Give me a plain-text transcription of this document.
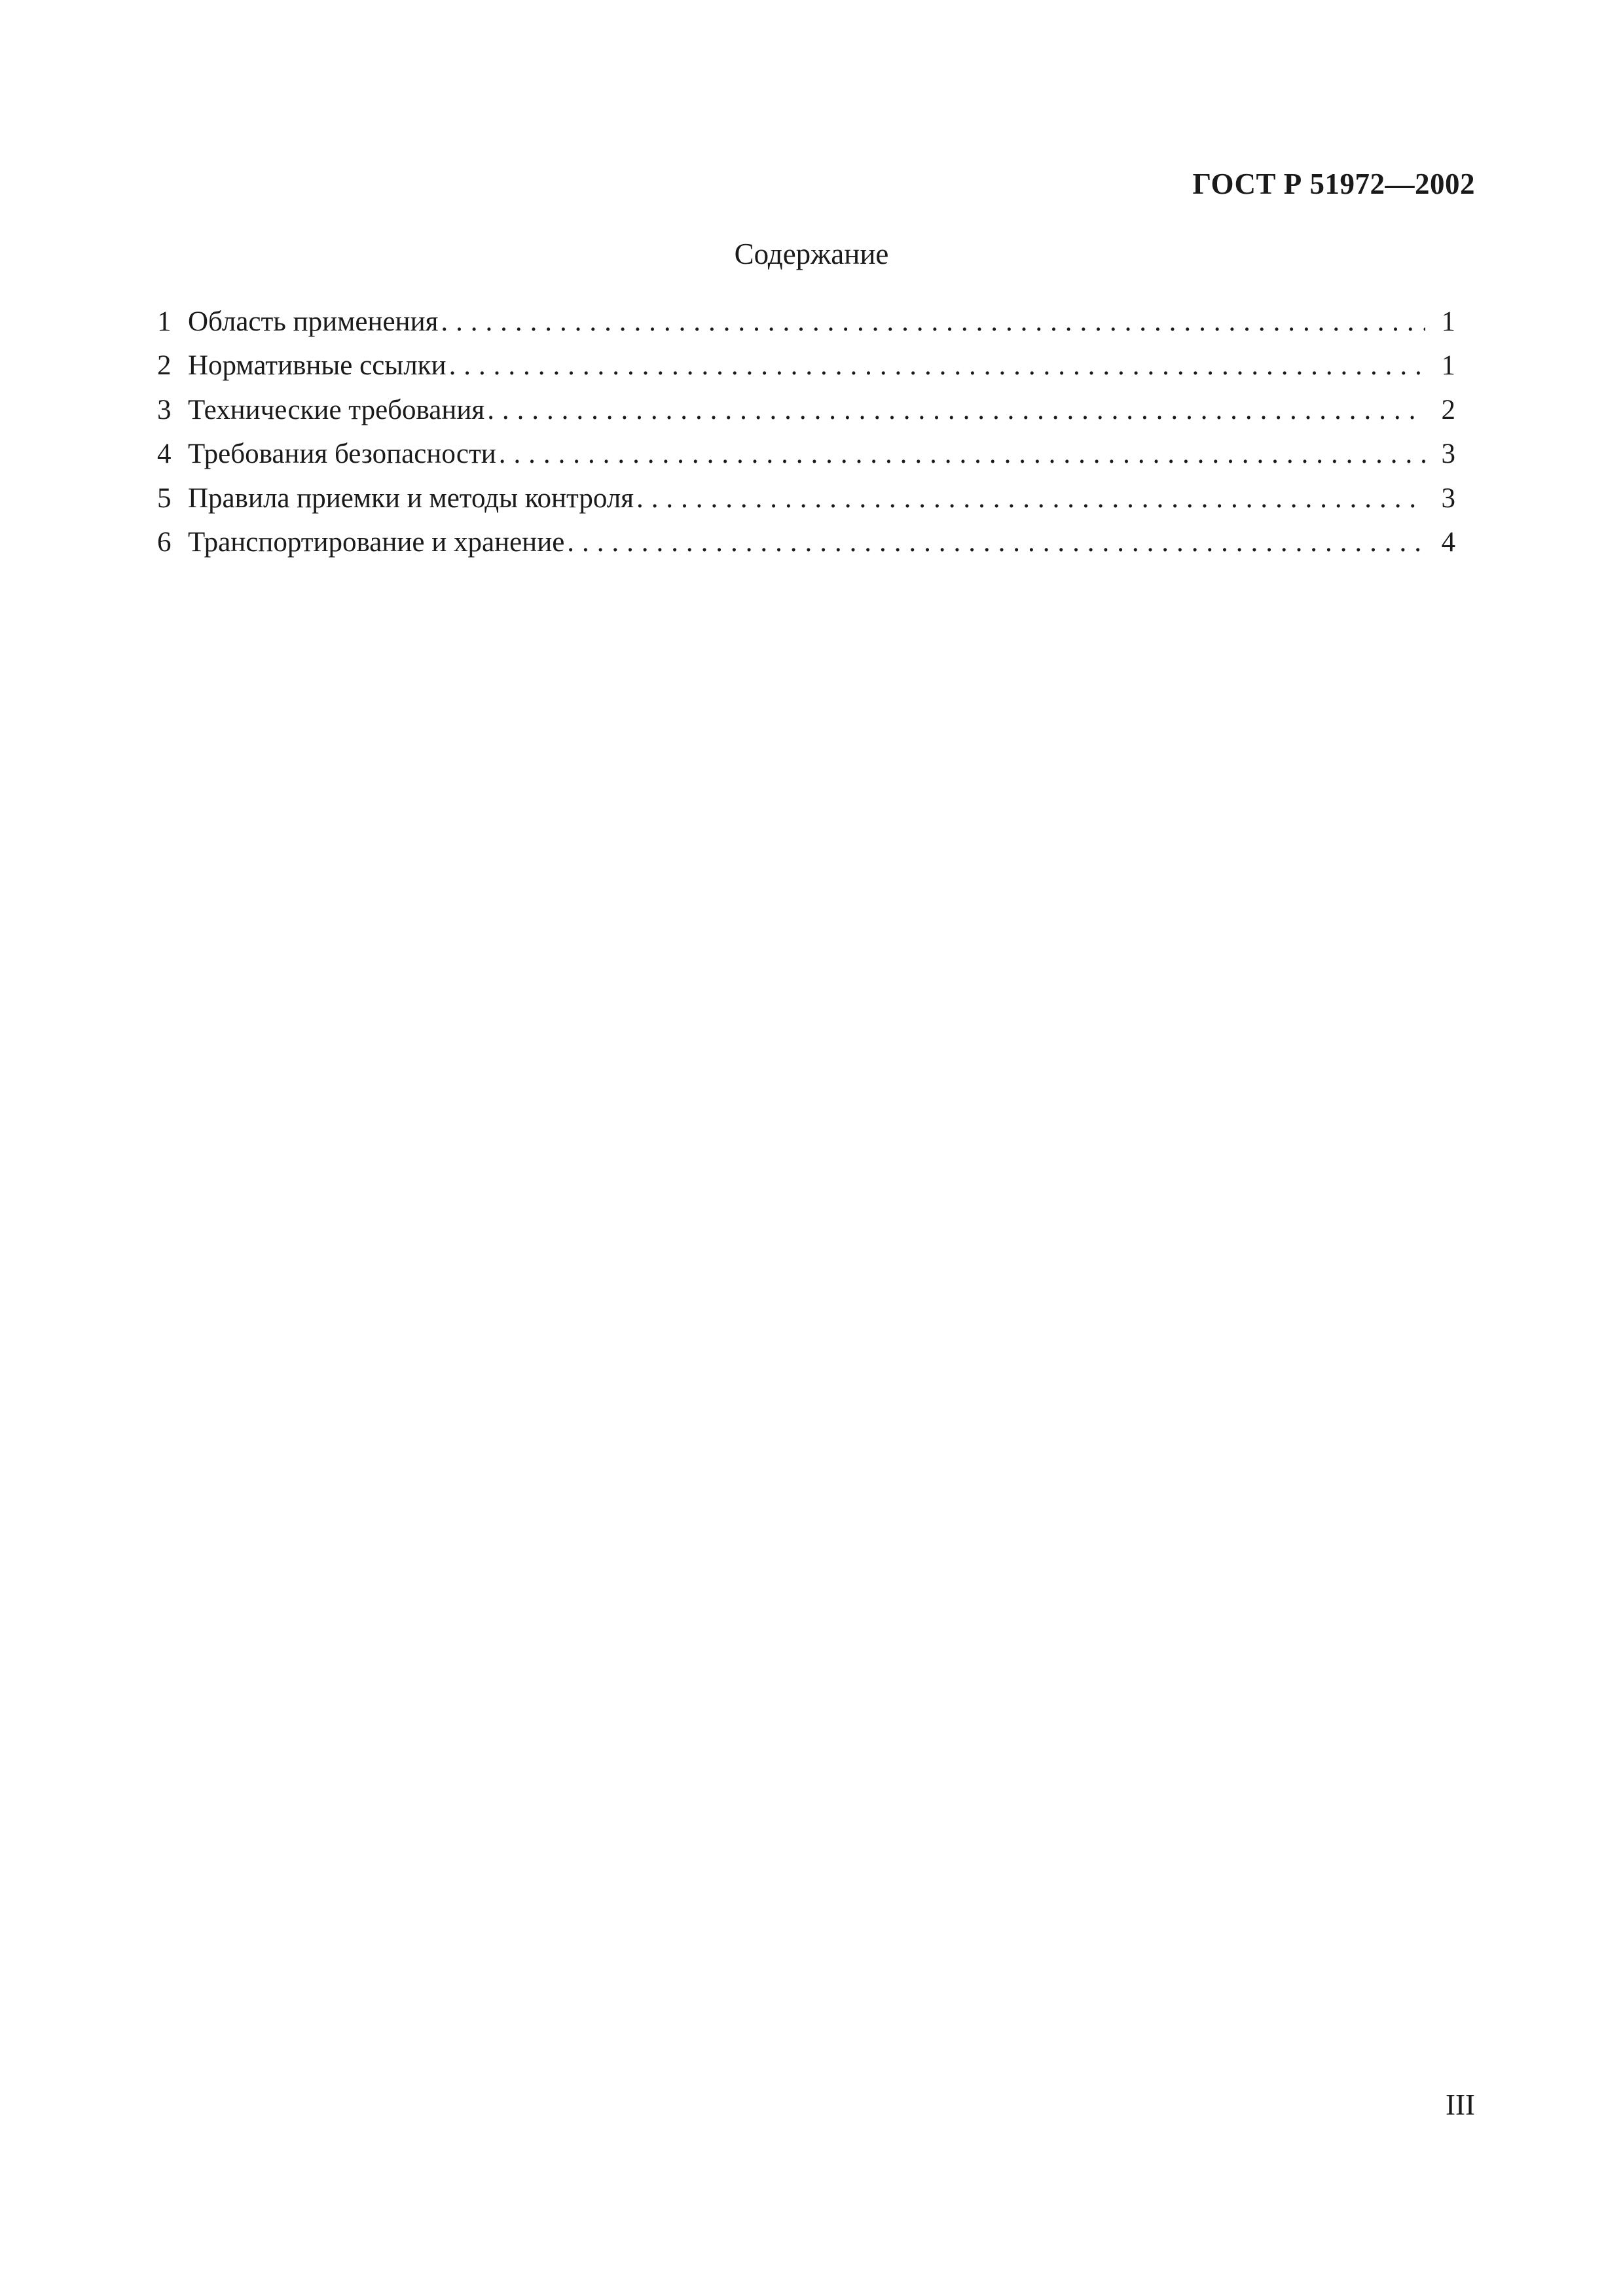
ГОСТ Р 51972—2002
Содержание
1 Область применения . . .	1
2 Нормативные ссылки . . .	1
3 Технические требования . . .	2
4 Требования безопасности . . .	3
5 Правила приемки и методы контроля . . .	3
6 Транспортирование и хранение . . .	4
III
